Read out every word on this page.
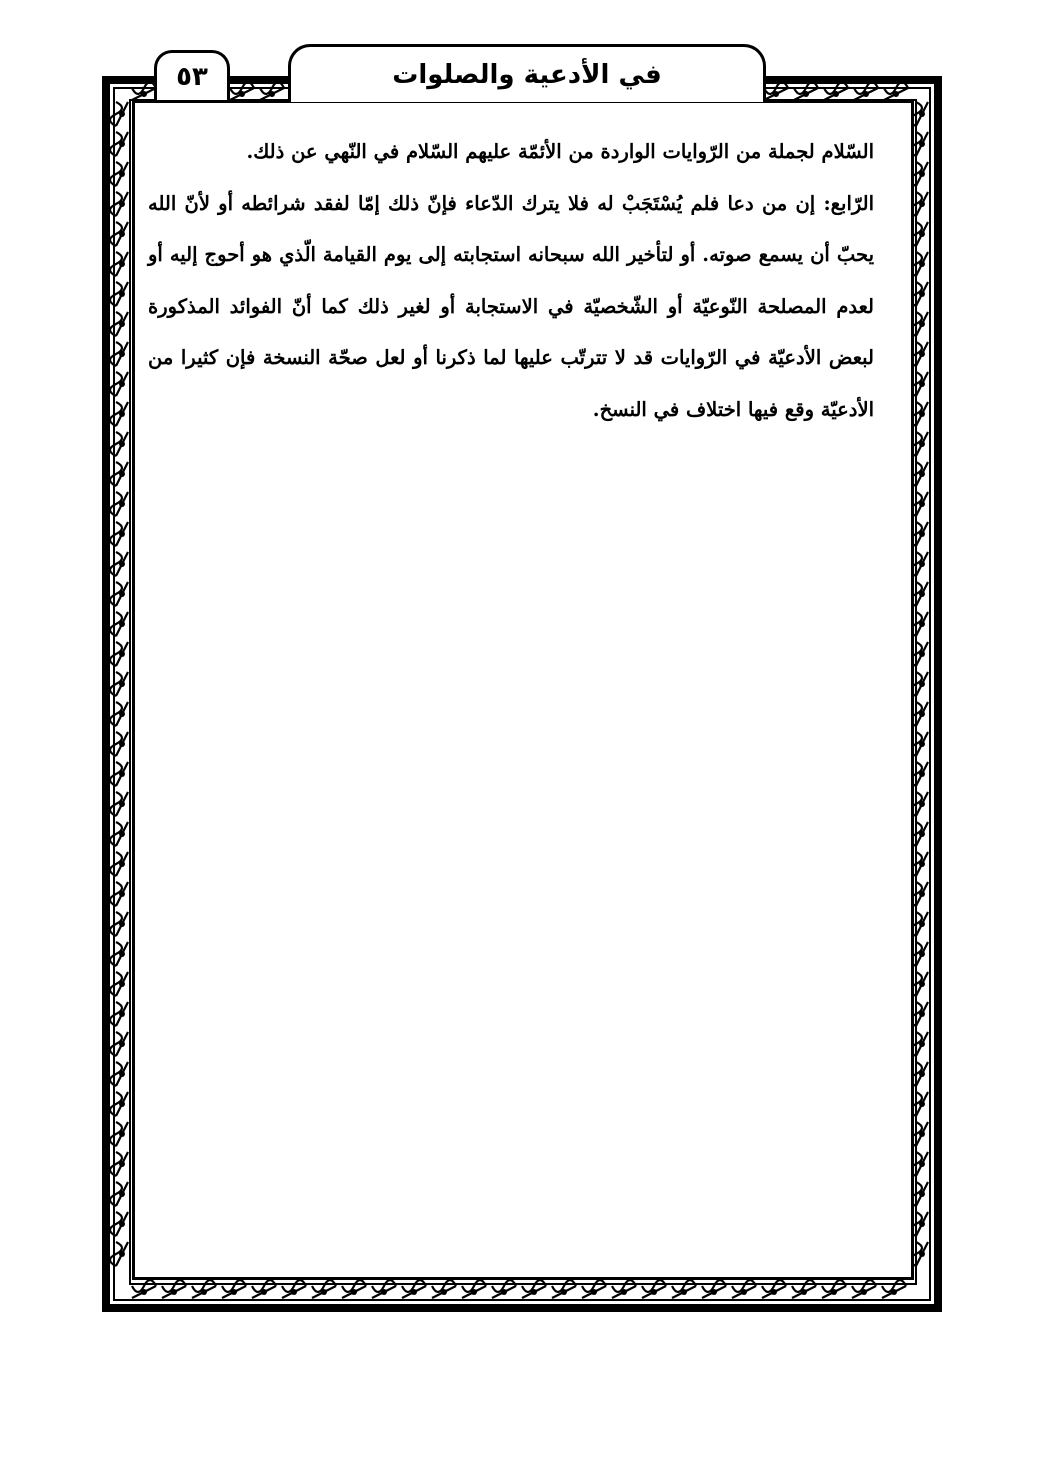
٥٣	في الأدعية والصلوات

السّلام لجملة من الرّوايات الواردة من الأئمّة عليهم السّلام في النّهي عن ذلك.

الرّابع: إن من دعا فلم يُسْتَجَبْ له فلا يترك الدّعاء فإنّ ذلك إمّا لفقد شرائطه أو لأنّ الله يحبّ أن يسمع صوته. أو لتأخير الله سبحانه استجابته إلى يوم القيامة الّذي هو أحوج إليه أو لعدم المصلحة النّوعيّة أو الشّخصيّة في الاستجابة أو لغير ذلك كما أنّ الفوائد المذكورة لبعض الأدعيّة في الرّوايات قد لا تترتّب عليها لما ذكرنا أو لعل صحّة النسخة فإن كثيرا من الأدعيّة وقع فيها اختلاف في النسخ.
